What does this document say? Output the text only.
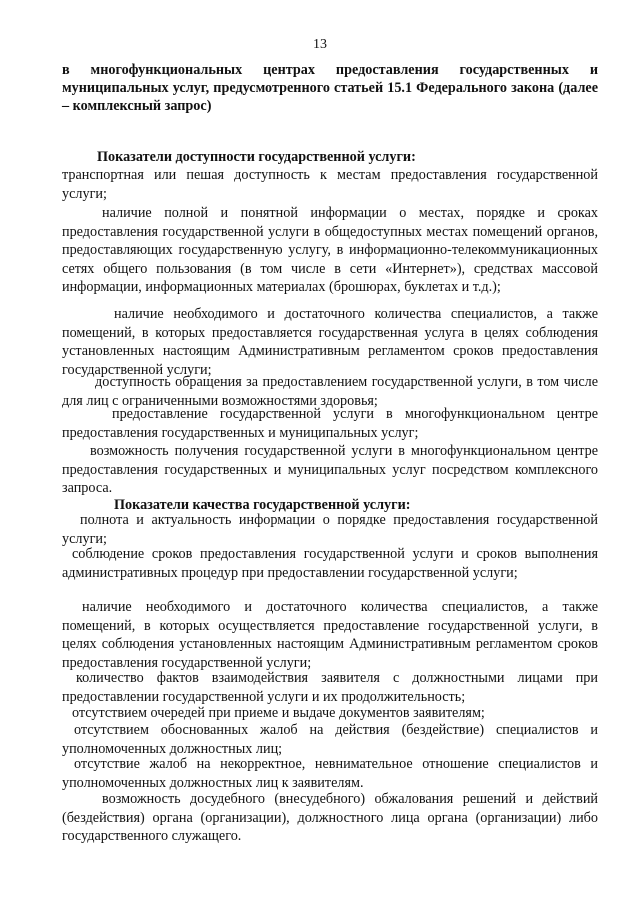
13
в многофункциональных центрах предоставления государственных и муниципальных услуг, предусмотренного статьей 15.1 Федерального закона (далее – комплексный запрос)
Показатели доступности государственной услуги:
транспортная или пешая доступность к местам предоставления государственной услуги;
наличие полной и понятной информации о местах, порядке и сроках предоставления государственной услуги в общедоступных местах помещений органов, предоставляющих государственную услугу, в информационно-телекоммуникационных сетях общего пользования (в том числе в сети «Интернет»), средствах массовой информации, информационных материалах (брошюрах, буклетах и т.д.);
наличие необходимого и достаточного количества специалистов, а также помещений, в которых предоставляется государственная услуга в целях соблюдения установленных настоящим Административным регламентом сроков предоставления государственной услуги;
доступность обращения за предоставлением государственной услуги, в том числе для лиц с ограниченными возможностями здоровья;
предоставление государственной услуги в многофункциональном центре предоставления государственных и муниципальных услуг;
возможность получения государственной услуги в многофункциональном центре предоставления государственных и муниципальных услуг посредством комплексного запроса.
Показатели качества государственной услуги:
полнота и актуальность информации о порядке предоставления государственной услуги;
соблюдение сроков предоставления государственной услуги и сроков выполнения административных процедур при предоставлении государственной услуги;
наличие необходимого и достаточного количества специалистов, а также помещений, в которых осуществляется предоставление государственной услуги, в целях соблюдения установленных настоящим Административным регламентом сроков предоставления государственной услуги;
количество фактов взаимодействия заявителя с должностными лицами при предоставлении государственной услуги и их продолжительность;
отсутствием очередей при приеме и выдаче документов заявителям;
отсутствием обоснованных жалоб на действия (бездействие) специалистов и уполномоченных должностных лиц;
отсутствие жалоб на некорректное, невнимательное отношение специалистов и уполномоченных должностных лиц к заявителям.
возможность досудебного (внесудебного) обжалования решений и действий (бездействия) органа (организации), должностного лица органа (организации) либо государственного служащего.
